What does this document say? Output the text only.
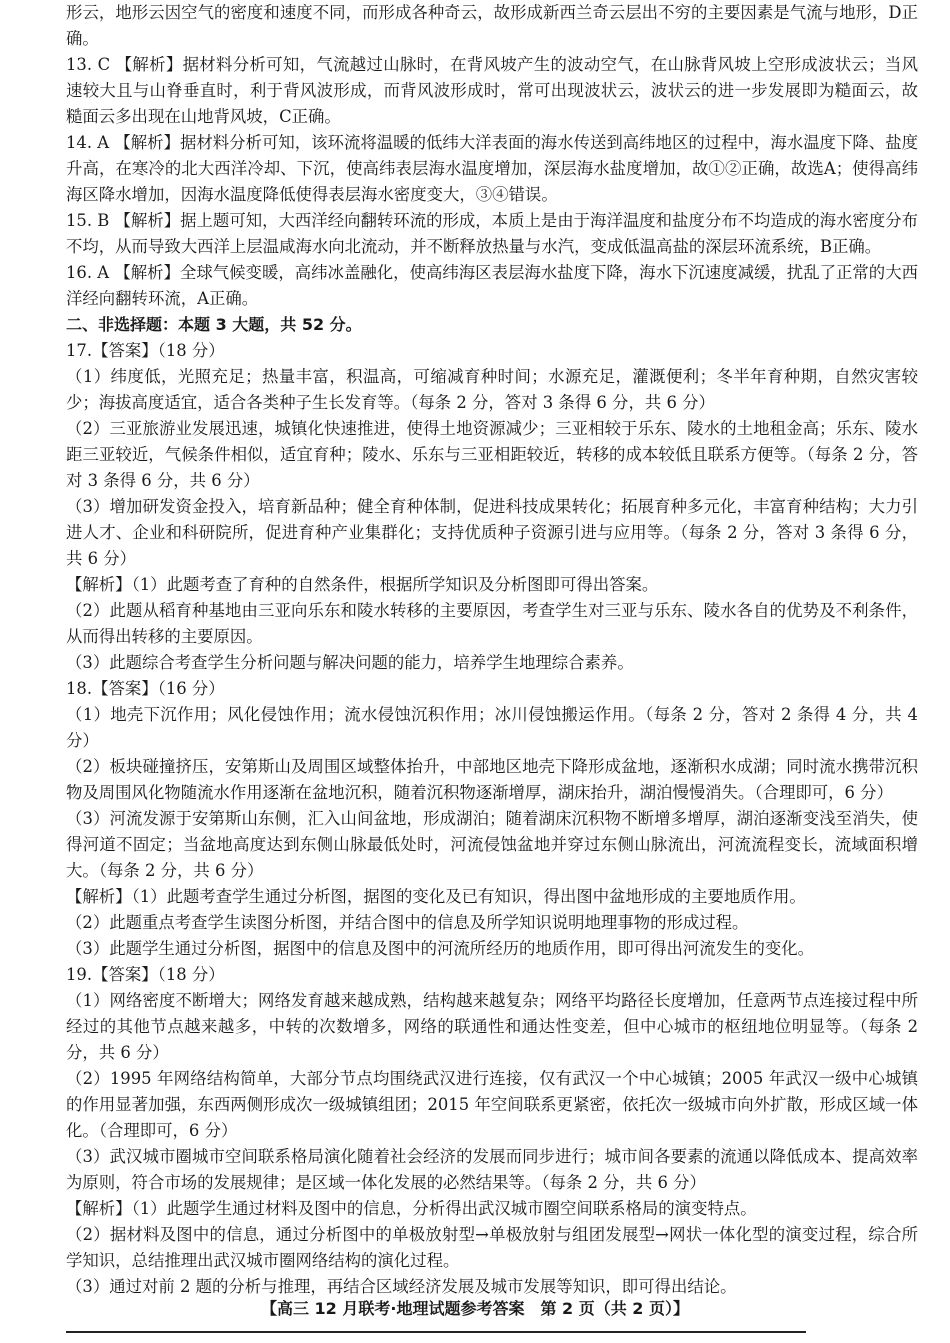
形云，地形云因空气的密度和速度不同，而形成各种奇云，故形成新西兰奇云层出不穷的主要因素是气流与地形，D正确。

13. C 【解析】据材料分析可知，气流越过山脉时，在背风坡产生的波动空气，在山脉背风坡上空形成波状云；当风速较大且与山脊垂直时，利于背风波形成，而背风波形成时，常可出现波状云，波状云的进一步发展即为糙面云，故糙面云多出现在山地背风坡，C正确。

14. A 【解析】据材料分析可知，该环流将温暖的低纬大洋表面的海水传送到高纬地区的过程中，海水温度下降、盐度升高，在寒冷的北大西洋冷却、下沉，使高纬表层海水温度增加，深层海水盐度增加，故①②正确，故选A；使得高纬海区降水增加，因海水温度降低使得表层海水密度变大，③④错误。

15. B 【解析】据上题可知，大西洋经向翻转环流的形成，本质上是由于海洋温度和盐度分布不均造成的海水密度分布不均，从而导致大西洋上层温咸海水向北流动，并不断释放热量与水汽，变成低温高盐的深层环流系统，B正确。

16. A 【解析】全球气候变暖，高纬冰盖融化，使高纬海区表层海水盐度下降，海水下沉速度减缓，扰乱了正常的大西洋经向翻转环流，A正确。

二、非选择题：本题 3 大题，共 52 分。

17.【答案】（18 分）

（1）纬度低，光照充足；热量丰富，积温高，可缩减育种时间；水源充足，灌溉便利；冬半年育种期，自然灾害较少；海拔高度适宜，适合各类种子生长发育等。（每条 2 分，答对 3 条得 6 分，共 6 分）

（2）三亚旅游业发展迅速，城镇化快速推进，使得土地资源减少；三亚相较于乐东、陵水的土地租金高；乐东、陵水距三亚较近，气候条件相似，适宜育种；陵水、乐东与三亚相距较近，转移的成本较低且联系方便等。（每条 2 分，答对 3 条得 6 分，共 6 分）

（3）增加研发资金投入，培育新品种；健全育种体制，促进科技成果转化；拓展育种多元化，丰富育种结构；大力引进人才、企业和科研院所，促进育种产业集群化；支持优质种子资源引进与应用等。（每条 2 分，答对 3 条得 6 分，共 6 分）

【解析】（1）此题考查了育种的自然条件，根据所学知识及分析图即可得出答案。

（2）此题从稻育种基地由三亚向乐东和陵水转移的主要原因，考查学生对三亚与乐东、陵水各自的优势及不利条件，从而得出转移的主要原因。

（3）此题综合考查学生分析问题与解决问题的能力，培养学生地理综合素养。

18.【答案】（16 分）

（1）地壳下沉作用；风化侵蚀作用；流水侵蚀沉积作用；冰川侵蚀搬运作用。（每条 2 分，答对 2 条得 4 分，共 4 分）

（2）板块碰撞挤压，安第斯山及周围区域整体抬升，中部地区地壳下降形成盆地，逐渐积水成湖；同时流水携带沉积物及周围风化物随流水作用逐渐在盆地沉积，随着沉积物逐渐增厚，湖床抬升，湖泊慢慢消失。（合理即可，6 分）

（3）河流发源于安第斯山东侧，汇入山间盆地，形成湖泊；随着湖床沉积物不断增多增厚，湖泊逐渐变浅至消失，使得河道不固定；当盆地高度达到东侧山脉最低处时，河流侵蚀盆地并穿过东侧山脉流出，河流流程变长，流域面积增大。（每条 2 分，共 6 分）

【解析】（1）此题考查学生通过分析图，据图的变化及已有知识，得出图中盆地形成的主要地质作用。

（2）此题重点考查学生读图分析图，并结合图中的信息及所学知识说明地理事物的形成过程。

（3）此题学生通过分析图，据图中的信息及图中的河流所经历的地质作用，即可得出河流发生的变化。

19.【答案】（18 分）

（1）网络密度不断增大；网络发育越来越成熟，结构越来越复杂；网络平均路径长度增加，任意两节点连接过程中所经过的其他节点越来越多，中转的次数增多，网络的联通性和通达性变差，但中心城市的枢纽地位明显等。（每条 2 分，共 6 分）

（2）1995 年网络结构简单，大部分节点均围绕武汉进行连接，仅有武汉一个中心城镇；2005 年武汉一级中心城镇的作用显著加强，东西两侧形成次一级城镇组团；2015 年空间联系更紧密，依托次一级城市向外扩散，形成区域一体化。（合理即可，6 分）

（3）武汉城市圈城市空间联系格局演化随着社会经济的发展而同步进行；城市间各要素的流通以降低成本、提高效率为原则，符合市场的发展规律；是区域一体化发展的必然结果等。（每条 2 分，共 6 分）

【解析】（1）此题学生通过材料及图中的信息，分析得出武汉城市圈空间联系格局的演变特点。

（2）据材料及图中的信息，通过分析图中的单极放射型→单极放射与组团发展型→网状一体化型的演变过程，综合所学知识，总结推理出武汉城市圈网络结构的演化过程。

（3）通过对前 2 题的分析与推理，再结合区域经济发展及城市发展等知识，即可得出结论。

【高三 12 月联考·地理试题参考答案　第 2 页（共 2 页）】
